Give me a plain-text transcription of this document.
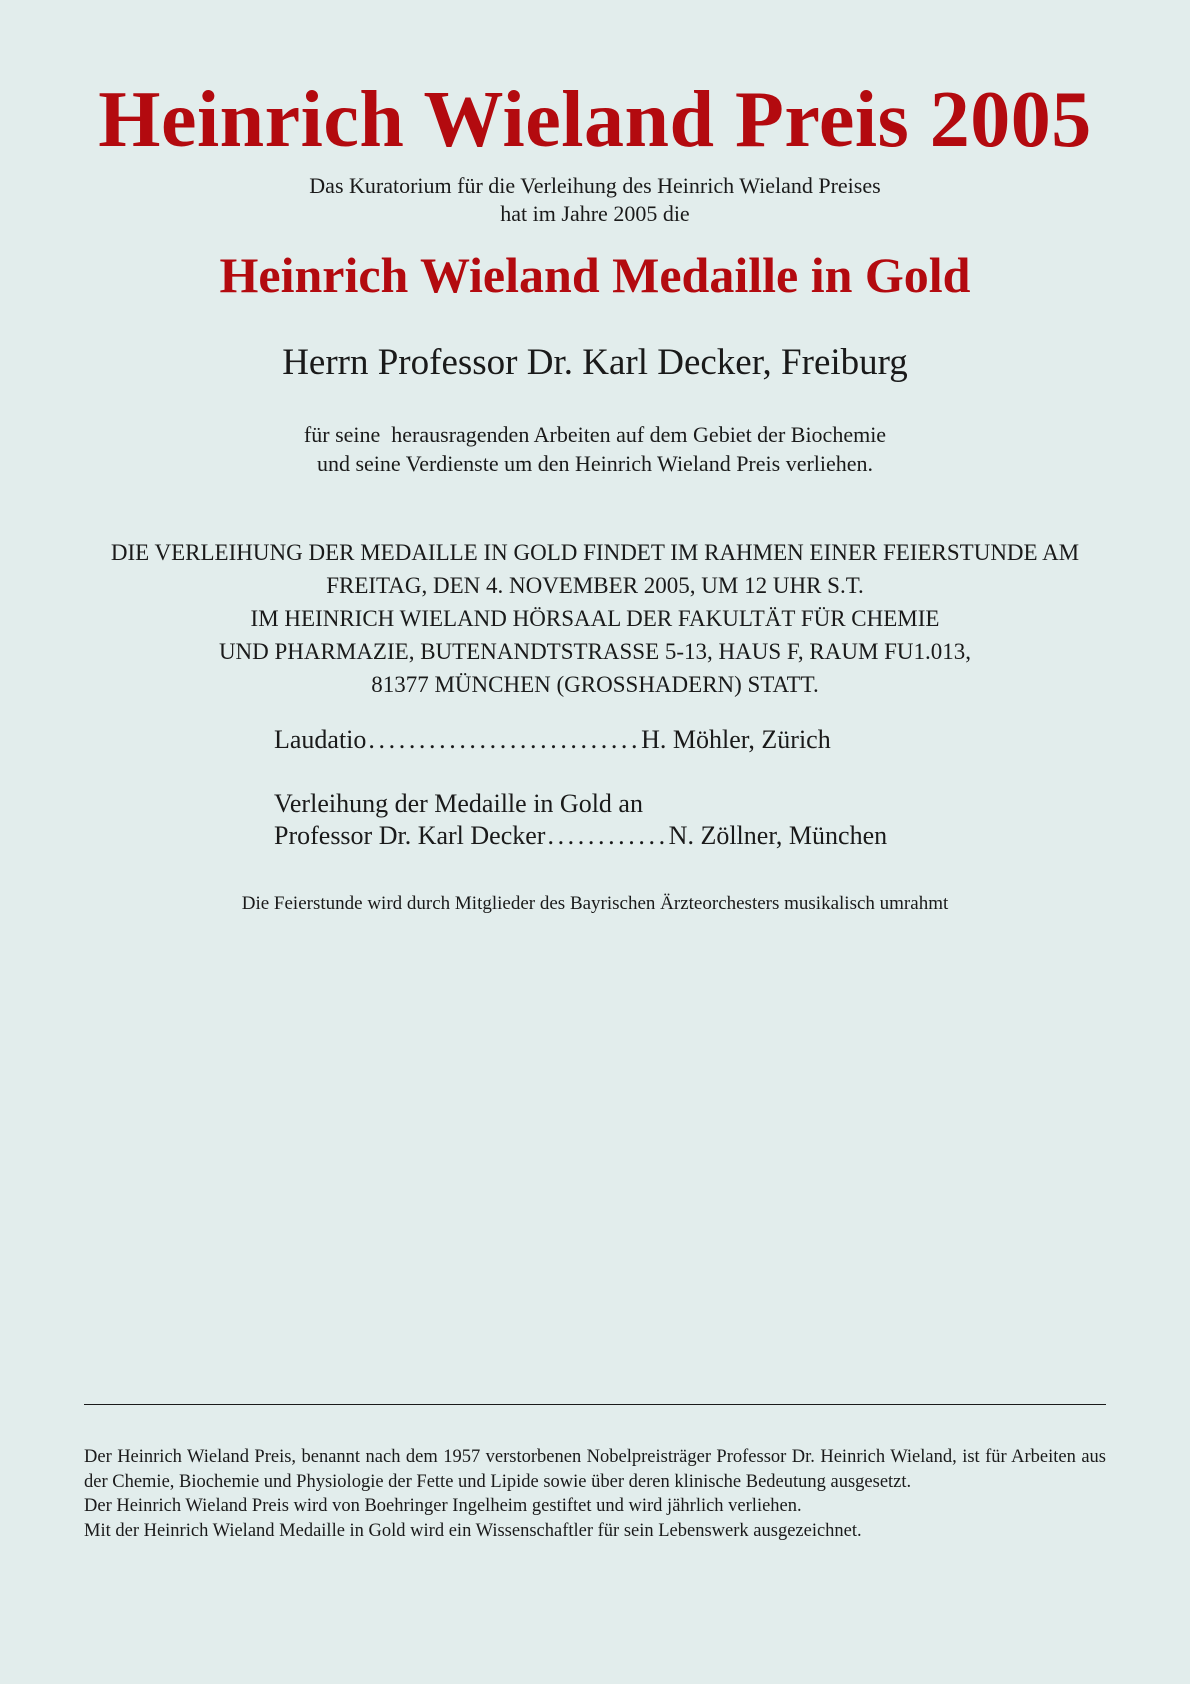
Heinrich Wieland Preis 2005
Das Kuratorium für die Verleihung des Heinrich Wieland Preises
hat im Jahre 2005 die
Heinrich Wieland Medaille in Gold
Herrn Professor Dr. Karl Decker, Freiburg
für seine  herausragenden Arbeiten auf dem Gebiet der Biochemie
und seine Verdienste um den Heinrich Wieland Preis verliehen.
DIE VERLEIHUNG DER MEDAILLE IN GOLD FINDET IM RAHMEN EINER FEIERSTUNDE AM
FREITAG, DEN 4. NOVEMBER 2005, UM 12 UHR S.T.
IM HEINRICH WIELAND HÖRSAAL DER FAKULTÄT FÜR CHEMIE
UND PHARMAZIE, BUTENANDTSTRASSE 5-13, HAUS F, RAUM FU1.013,
81377 MÜNCHEN (GROSSHADERN) STATT.
Laudatio ........................... H. Möhler, Zürich
Verleihung der Medaille in Gold an
Professor Dr. Karl Decker ............ N. Zöllner, München
Die Feierstunde wird durch Mitglieder des Bayrischen Ärzteorchesters musikalisch umrahmt

Der Heinrich Wieland Preis, benannt nach dem 1957 verstorbenen Nobelpreisträger Professor Dr. Heinrich Wieland, ist für Arbeiten aus der Chemie, Biochemie und Physiologie der Fette und Lipide sowie über deren klinische Bedeutung ausgesetzt.

Der Heinrich Wieland Preis wird von Boehringer Ingelheim gestiftet und wird jährlich verliehen.

Mit der Heinrich Wieland Medaille in Gold wird ein Wissenschaftler für sein Lebenswerk ausgezeichnet.
